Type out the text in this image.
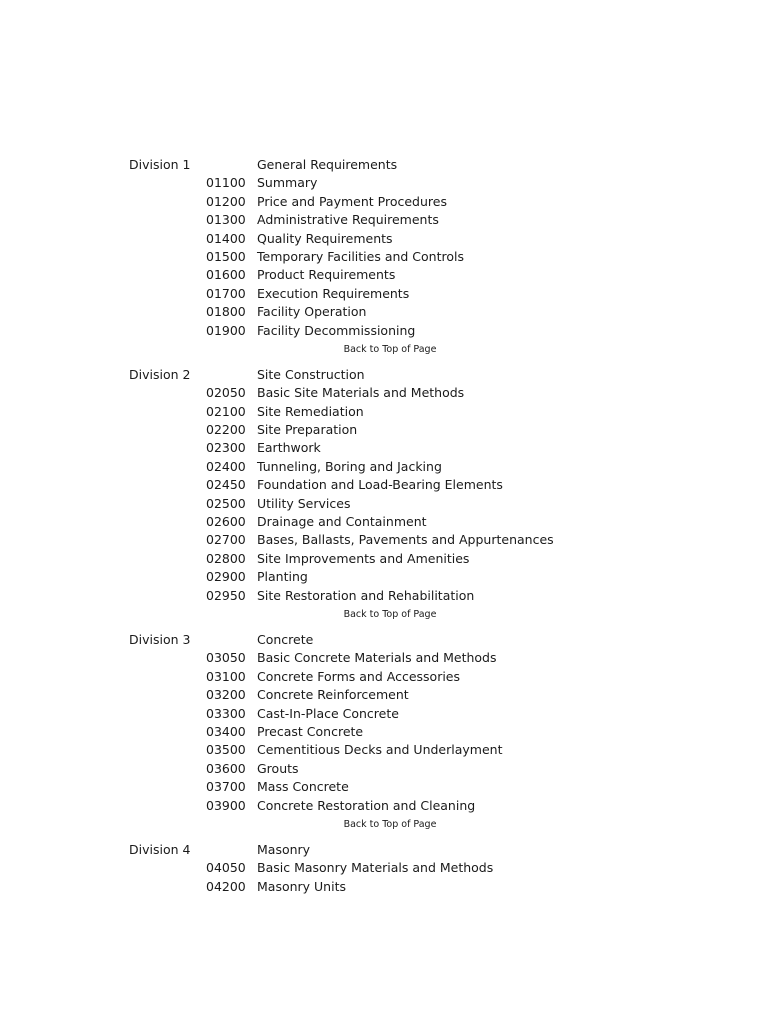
Division 1	General Requirements
01100 Summary
01200 Price and Payment Procedures
01300 Administrative Requirements
01400 Quality Requirements
01500 Temporary Facilities and Controls
01600 Product Requirements
01700 Execution Requirements
01800 Facility Operation
01900 Facility Decommissioning
Back to Top of Page
Division 2	Site Construction
02050 Basic Site Materials and Methods
02100 Site Remediation
02200 Site Preparation
02300 Earthwork
02400 Tunneling, Boring and Jacking
02450 Foundation and Load-Bearing Elements
02500 Utility Services
02600 Drainage and Containment
02700 Bases, Ballasts, Pavements and Appurtenances
02800 Site Improvements and Amenities
02900 Planting
02950 Site Restoration and Rehabilitation
Back to Top of Page
Division 3	Concrete
03050 Basic Concrete Materials and Methods
03100 Concrete Forms and Accessories
03200 Concrete Reinforcement
03300 Cast-In-Place Concrete
03400 Precast Concrete
03500 Cementitious Decks and Underlayment
03600 Grouts
03700 Mass Concrete
03900 Concrete Restoration and Cleaning
Back to Top of Page
Division 4	Masonry
04050 Basic Masonry Materials and Methods
04200 Masonry Units
